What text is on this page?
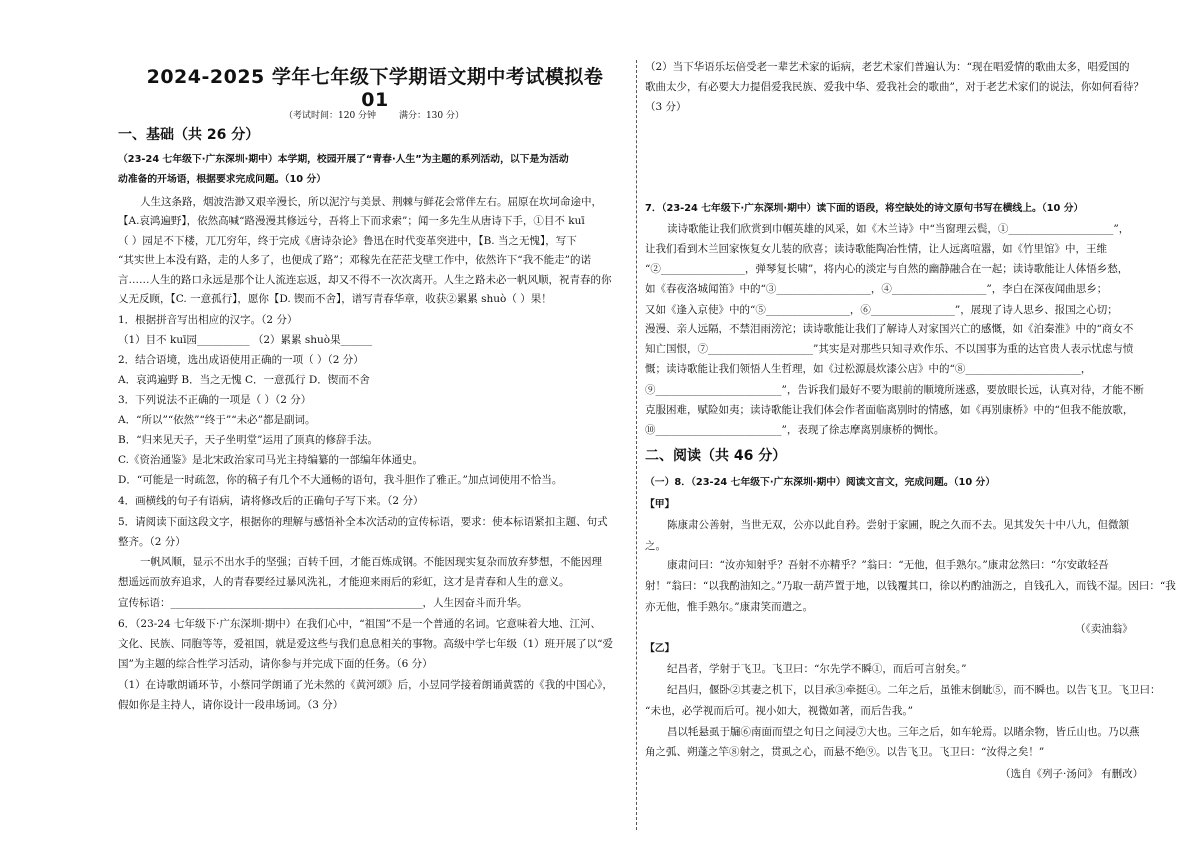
2024-2025 学年七年级下学期语文期中考试模拟卷 01
（考试时间：120 分钟	满分：130 分）
一、基础（共 26 分）
（23-24 七年级下·广东深圳·期中）本学期，校园开展了“青春·人生”为主题的系列活动，以下是为活动
动准备的开场语，根据要求完成问题。（10 分）
人生这条路，烟波浩渺又艰辛漫长，所以泥泞与美景、荆棘与鲜花会常伴左右。屈原在坎坷命途中，
【A.哀鸿遍野】，依然高喊“路漫漫其修远兮，吾将上下而求索”；闻一多先生从唐诗下手，①目不 kuī
（ ）园足不下楼，兀兀穷年，终于完成《唐诗杂论》鲁迅在时代变革突进中，【B. 当之无愧】，写下
“其实世上本没有路，走的人多了，也便成了路”；邓稼先在茫茫戈壁工作中，依然许下“我不能走”的诺
言……人生的路口永远是那个让人流连忘返，却又不得不一次次离开。人生之路未必一帆风顺，祝青春的你
乂无反顾，【C. 一意孤行】，愿你【D. 锲而不舍】，谱写青春华章，收获②累累 shuò（ ）果！
1．根据拼音写出相应的汉字。（2 分）
（1）目不 kuī园__________ （2）累累 shuò果______
2．结合语境，选出成语使用正确的一项（ ）（2 分）
A．哀鸿遍野 B．当之无愧 C．一意孤行 D．锲而不舍
3．下列说法不正确的一项是（ ）（2 分）
A．“所以”“依然”“终于”“未必”都是副词。
B．“归来见天子，天子坐明堂”运用了顶真的修辞手法。
C.《资治通鉴》是北宋政治家司马光主持编纂的一部编年体通史。
D．“可能是一时疏忽，你的稿子有几个不大通畅的语句，我斗胆作了雅正。”加点词使用不恰当。
4．画横线的句子有语病，请将修改后的正确句子写下来。（2 分）
5．请阅读下面这段文字，根据你的理解与感悟补全本次活动的宣传标语，要求：使本标语紧扣主题、句式
整齐。（2 分）
一帆风顺，显示不出水手的坚强；百转千回，才能百炼成钢。不能因现实复杂而放弃梦想，不能因理
想遥远而放弃追求，人的青春要经过暴风洗礼，才能迎来雨后的彩虹，这才是青春和人生的意义。
宣传标语：________________________________________________，人生因奋斗而升华。
6．（23-24 七年级下·广东深圳·期中）在我们心中，“祖国”不是一个普通的名词。它意味着大地、江河、
文化、民族、同胞等等，爱祖国，就是爱这些与我们息息相关的事物。高级中学七年级（1）班开展了以“爱
国”为主题的综合性学习活动，请你参与并完成下面的任务。（6 分）
（1）在诗歌朗诵环节，小蔡同学朗诵了光未然的《黄河颂》后，小昱同学接着朗诵黄霑的《我的中国心》，
假如你是主持人，请你设计一段串场词。（3 分）
（2）当下华语乐坛倍受老一辈艺术家的诟病，老艺术家们普遍认为：“现在唱爱情的歌曲太多，唱爱国的
歌曲太少，有必要大力提倡爱我民族、爱我中华、爱我社会的歌曲”，对于老艺术家们的说法，你如何看待？
（3 分）
7．（23-24 七年级下·广东深圳·期中）读下面的语段，将空缺处的诗文原句书写在横线上。（10 分）
读诗歌能让我们欣赏到巾帼英雄的风采，如《木兰诗》中“当窗理云鬓，①____________________”，
让我们看到木兰回家恢复女儿装的欣喜；读诗歌能陶冶性情，让人远离喧嚣，如《竹里馆》中，王维
“②________________，弹琴复长啸”，将内心的淡定与自然的幽静融合在一起；读诗歌能让人体悟乡愁，
如《春夜洛城闻笛》中的“③__________________，④__________________”，李白在深夜闻曲思乡；
又如《逢入京使》中的“⑤________________，⑥________________”，展现了诗人思乡、报国之心切；
漫漫、亲人远隔，不禁泪雨滂沱；读诗歌能让我们了解诗人对家国兴亡的感慨，如《泊秦淮》中的“商女不
知亡国恨，⑦____________________”其实是对那些只知寻欢作乐、不以国事为重的达官贵人表示忧虑与愤
慨；读诗歌能让我们领悟人生哲理，如《过松源晨炊漆公店》中的“⑧______________________，
⑨________________________”，告诉我们最好不要为眼前的顺境所迷惑，要放眼长远，认真对待，才能不断
克服困难，赋险如夷；读诗歌能让我们体会作者面临离别时的情感，如《再别康桥》中的“但我不能放歌，
⑩________________________”，表现了徐志摩离别康桥的惆怅。
二、阅读（共 46 分）
（一）8．（23-24 七年级下·广东深圳·期中）阅读文言文，完成问题。（10 分）
【甲】
陈康肃公善射，当世无双，公亦以此自矜。尝射于家圃，睨之久而不去。见其发矢十中八九，但微颔
之。
康肃问曰：“汝亦知射乎？吾射不亦精乎？”翁曰：“无他，但手熟尔。”康肃忿然曰：“尔安敢轻吾
射！”翁曰：“以我酌油知之。”乃取一葫芦置于地，以钱覆其口，徐以杓酌油沥之，自钱孔入，而钱不湿。因曰：“我
亦无他，惟手熟尔。”康肃笑而遣之。
（《卖油翁》
【乙】
纪昌者，学射于飞卫。飞卫曰：“尔先学不瞬①，而后可言射矣。”
纪昌归，偃卧②其妻之机下，以目承③牵挺④。二年之后，虽锥末倒眦⑤，而不瞬也。以告飞卫。飞卫曰：
“未也，必学视而后可。视小如大，视微如著，而后告我。”
昌以牦悬虱于牖⑥南面而望之旬日之间浸⑦大也。三年之后，如车轮焉。以睹余物，皆丘山也。乃以燕
角之弧、朔蓬之竿⑧射之，贯虱之心，而悬不绝⑨。以告飞卫。飞卫曰：“汝得之矣！”
（选自《列子·汤问》 有删改）
